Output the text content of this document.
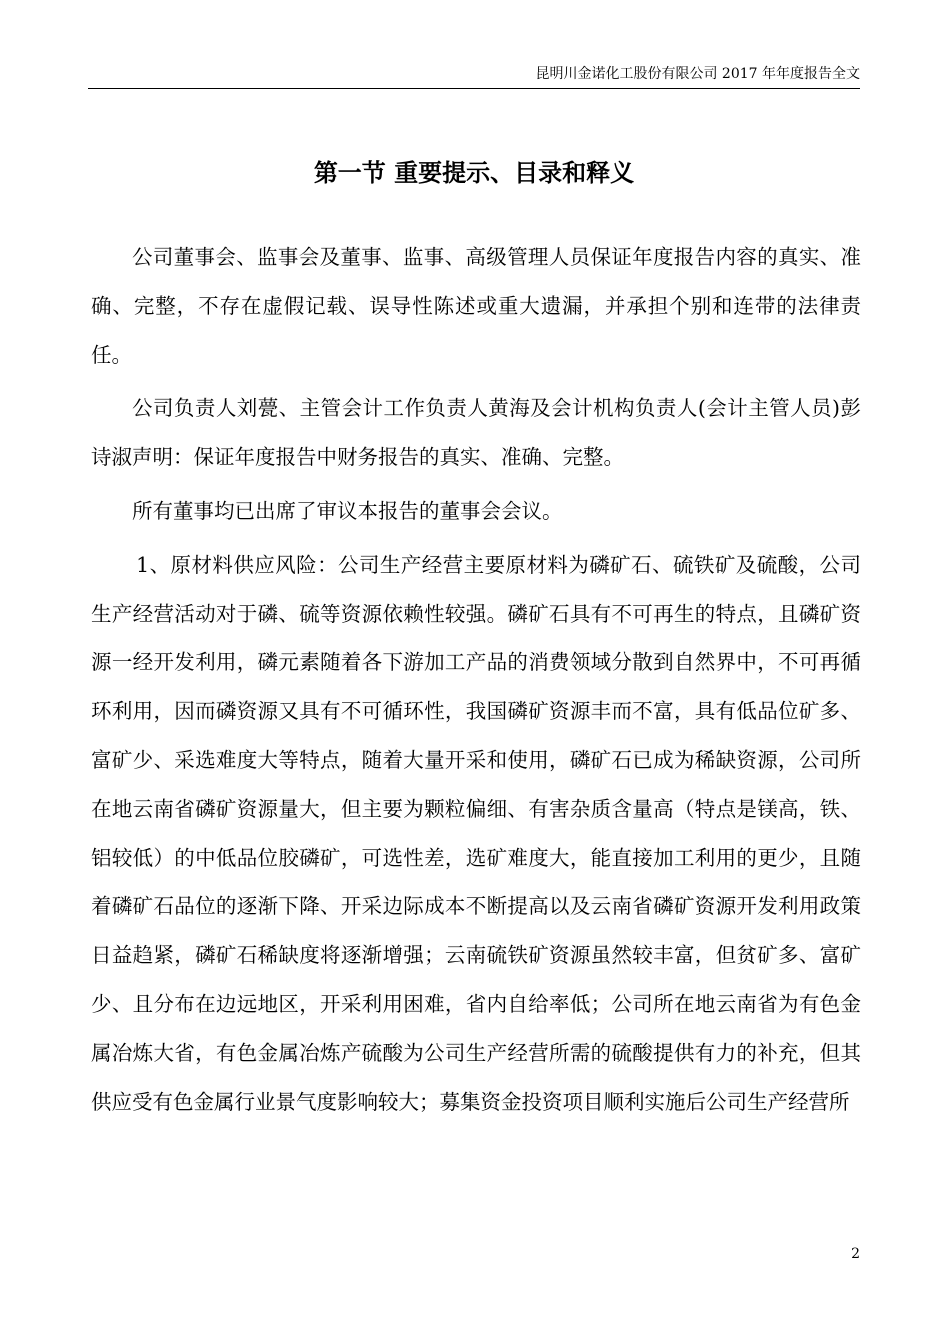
昆明川金诺化工股份有限公司 2017 年年度报告全文
第一节 重要提示、目录和释义

公司董事会、监事会及董事、监事、高级管理人员保证年度报告内容的真实、准确、完整，不存在虚假记载、误导性陈述或重大遗漏，并承担个别和连带的法律责任。

公司负责人刘甍、主管会计工作负责人黄海及会计机构负责人(会计主管人员)彭诗淑声明：保证年度报告中财务报告的真实、准确、完整。

所有董事均已出席了审议本报告的董事会会议。

1、原材料供应风险：公司生产经营主要原材料为磷矿石、硫铁矿及硫酸，公司生产经营活动对于磷、硫等资源依赖性较强。磷矿石具有不可再生的特点，且磷矿资源一经开发利用，磷元素随着各下游加工产品的消费领域分散到自然界中，不可再循环利用，因而磷资源又具有不可循环性，我国磷矿资源丰而不富，具有低品位矿多、富矿少、采选难度大等特点，随着大量开采和使用，磷矿石已成为稀缺资源，公司所在地云南省磷矿资源量大，但主要为颗粒偏细、有害杂质含量高（特点是镁高，铁、铝较低）的中低品位胶磷矿，可选性差，选矿难度大，能直接加工利用的更少，且随着磷矿石品位的逐渐下降、开采边际成本不断提高以及云南省磷矿资源开发利用政策日益趋紧，磷矿石稀缺度将逐渐增强；云南硫铁矿资源虽然较丰富，但贫矿多、富矿少、且分布在边远地区，开采利用困难，省内自给率低；公司所在地云南省为有色金属冶炼大省，有色金属冶炼产硫酸为公司生产经营所需的硫酸提供有力的补充，但其供应受有色金属行业景气度影响较大；募集资金投资项目顺利实施后公司生产经营所

2
